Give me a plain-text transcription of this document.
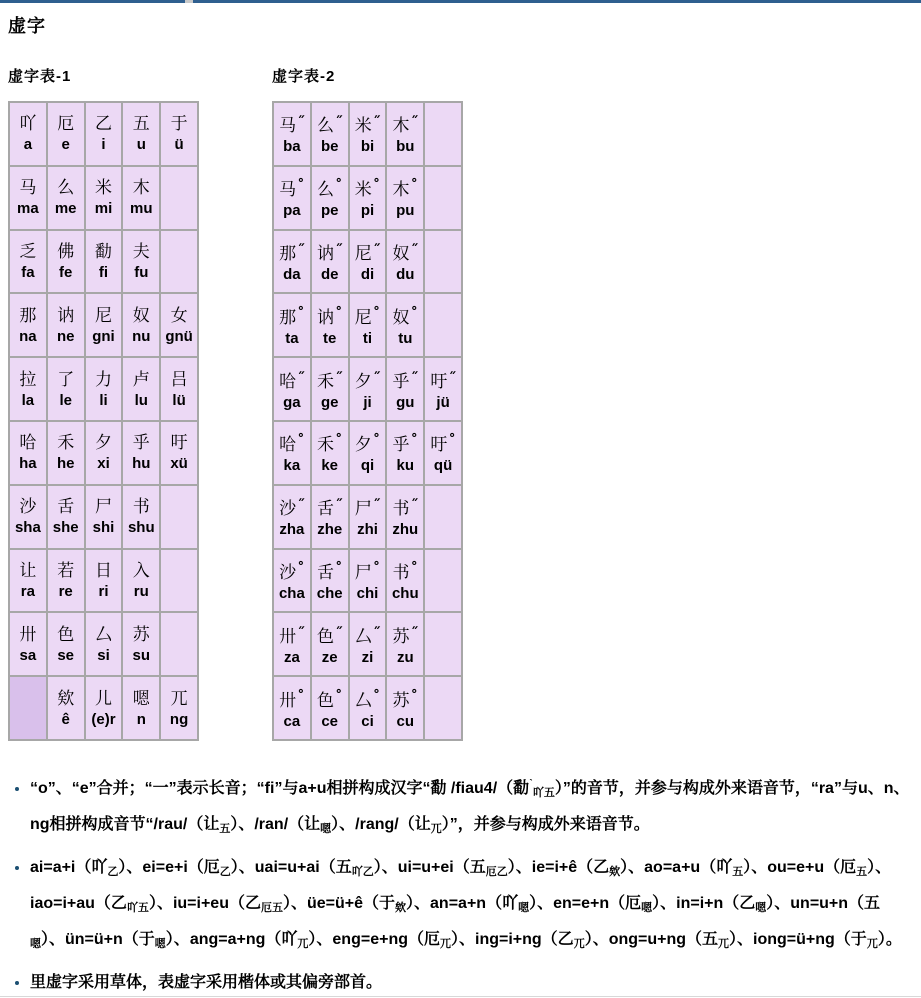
虚字
虚字表-1
吖
a
厄
e
乙
i
五
u
于
ü
马
ma
么
me
米
mi
木
mu
乏
fa
佛
fe
勫
fi
夫
fu
那
na
讷
ne
尼
gni
奴
nu
女
gnü
拉
la
了
le
力
li
卢
lu
吕
lü
哈
ha
禾
he
夕
xi
乎
hu
吁
xü
沙
sha
舌
she
尸
shi
书
shu
让
ra
若
re
日
ri
入
ru
卅
sa
色
se
厶
si
苏
su
欸
ê
儿
(e)r
嗯
n
兀
ng
虚字表-2
马˝
ba
么˝
be
米˝
bi
木˝
bu
马˚
pa
么˚
pe
米˚
pi
木˚
pu
那˝
da
讷˝
de
尼˝
di
奴˝
du
那˚
ta
讷˚
te
尼˚
ti
奴˚
tu
哈˝
ga
禾˝
ge
夕˝
ji
乎˝
gu
吁˝
jü
哈˚
ka
禾˚
ke
夕˚
qi
乎˚
ku
吁˚
qü
沙˝
zha
舌˝
zhe
尸˝
zhi
书˝
zhu
沙˚
cha
舌˚
che
尸˚
chi
书˚
chu
卅˝
za
色˝
ze
厶˝
zi
苏˝
zu
卅˚
ca
色˚
ce
厶˚
ci
苏˚
cu
• “o”、“e”合并；“一”表示长音；“fi”与a+u相拼构成汉字“勫 /fiau4/（勫$^ˋ_{吖五}$）”的音节，并参与构成外来语音节，“ra”与u、n、ng相拼构成音节“/rau/（让$_五$）、/ran/（让$_嗯$）、/rang/（让$_兀$）”，并参与构成外来语音节。
• ai=a+i（吖$_乙$）、ei=e+i（厄$_乙$）、uai=u+ai（五$_{吖乙}$）、ui=u+ei（五$_{厄乙}$）、ie=i+ê（乙$_欸$）、ao=a+u（吖$_五$）、ou=e+u（厄$_五$）、iao=i+au（乙$_{吖五}$）、iu=i+eu（乙$_{厄五}$）、üe=ü+ê（于$_欸$）、an=a+n（吖$_嗯$）、en=e+n（厄$_嗯$）、in=i+n（乙$_嗯$）、un=u+n（五$_嗯$）、ün=ü+n（于$_嗯$）、ang=a+ng（吖$_兀$）、eng=e+ng（厄$_兀$）、ing=i+ng（乙$_兀$）、ong=u+ng（五$_兀$）、iong=ü+ng（于$_兀$）。
• 里虚字采用草体，表虚字采用楷体或其偏旁部首。
